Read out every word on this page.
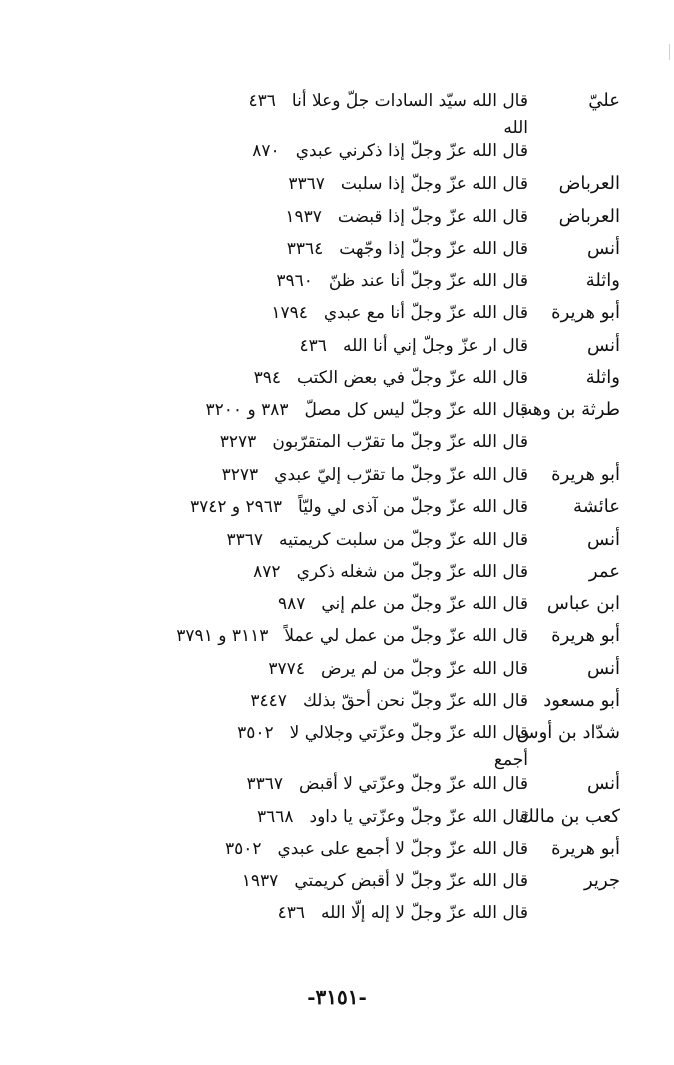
عليّ
قال الله سيّد السادات جلّ وعلا أنا
٤٣٦
الله
قال الله عزّ وجلّ إذا ذكرني عبدي
٨٧٠
العرباض
قال الله عزّ وجلّ إذا سلبت
٣٣٦٧
العرباض
قال الله عزّ وجلّ إذا قبضت
١٩٣٧
أنس
قال الله عزّ وجلّ إذا وجّهت
٣٣٦٤
واثلة
قال الله عزّ وجلّ أنا عند ظنّ
٣٩٦٠
أبو هريرة
قال الله عزّ وجلّ أنا مع عبدي
١٧٩٤
أنس
قال ار عزّ وجلّ إني أنا الله
٤٣٦
واثلة
قال الله عزّ وجلّ في بعض الكتب
٣٩٤
طرثة بن وهب
قال الله عزّ وجلّ ليس كل مصلّ
٣٨٣ و ٣٢٠٠
قال الله عزّ وجلّ ما تقرّب المتقرّبون
٣٢٧٣
أبو هريرة
قال الله عزّ وجلّ ما تقرّب إليّ عبدي
٣٢٧٣
عائشة
قال الله عزّ وجلّ من آذى لي وليّاً
٢٩٦٣ و ٣٧٤٢
أنس
قال الله عزّ وجلّ من سلبت كريمتيه
٣٣٦٧
عمر
قال الله عزّ وجلّ من شغله ذكري
٨٧٢
ابن عباس
قال الله عزّ وجلّ من علم إني
٩٨٧
أبو هريرة
قال الله عزّ وجلّ من عمل لي عملاً
٣١١٣ و ٣٧٩١
أنس
قال الله عزّ وجلّ من لم يرض
٣٧٧٤
أبو مسعود
قال الله عزّ وجلّ نحن أحقّ بذلك
٣٤٤٧
شدّاد بن أوس
قال الله عزّ وجلّ وعزّتي وجلالي لا
٣٥٠٢
أجمع
أنس
قال الله عزّ وجلّ وعزّتي لا أقبض
٣٣٦٧
كعب بن مالك
قال الله عزّ وجلّ وعزّتي يا داود
٣٦٦٨
أبو هريرة
قال الله عزّ وجلّ لا أجمع على عبدي
٣٥٠٢
جرير
قال الله عزّ وجلّ لا أقبض كريمتي
١٩٣٧
قال الله عزّ وجلّ لا إله إلّا الله
٤٣٦
-٣١٥١-
